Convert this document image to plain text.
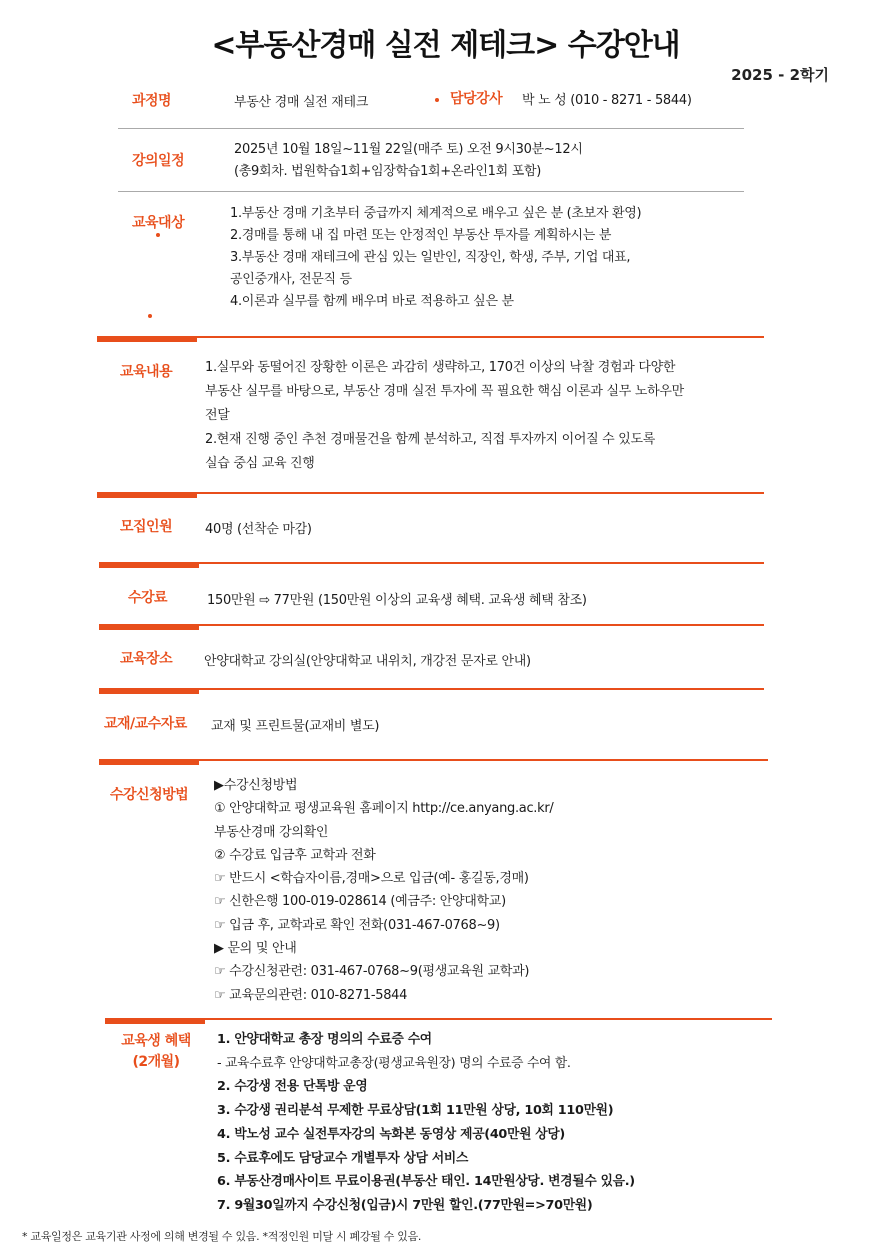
<부동산경매 실전 제테크> 수강안내
2025 - 2학기
과정명	부동산 경매 실전 재테크	담당강사 박 노 성 (010 - 8271 - 5844)
강의일정
2025년 10월 18일~11월 22일(매주 토) 오전 9시30분~12시
(총9회차. 법원학습1회+임장학습1회+온라인1회 포함)
교육대상
1.부동산 경매 기초부터 중급까지 체계적으로 배우고 싶은 분 (초보자 환영)
2.경매를 통해 내 집 마련 또는 안정적인 부동산 투자를 계획하시는 분
3.부동산 경매 재테크에 관심 있는 일반인, 직장인, 학생, 주부, 기업 대표,
공인중개사, 전문직 등
4.이론과 실무를 함께 배우며 바로 적용하고 싶은 분
교육내용	1.실무와 동떨어진 장황한 이론은 과감히 생략하고, 170건 이상의 낙찰 경험과 다양한
부동산 실무를 바탕으로, 부동산 경매 실전 투자에 꼭 필요한 핵심 이론과 실무 노하우만
전달
2.현재 진행 중인 추천 경매물건을 함께 분석하고, 직접 투자까지 이어질 수 있도록
실습 중심 교육 진행
모집인원	40명 (선착순 마감)
수강료	150만원 ⇨ 77만원 (150만원 이상의 교육생 혜택. 교육생 혜택 참조)
교육장소 안양대학교 강의실(안양대학교 내위치, 개강전 문자로 안내)
교재/교수자료 교재 및 프린트물(교재비 별도)
수강신청방법
▶수강신청방법
① 안양대학교 평생교육원 홈페이지 http://ce.anyang.ac.kr/
부동산경매 강의확인
② 수강료 입금후 교학과 전화
☞ 반드시 <학습자이름,경매>으로 입금(예- 홍길동,경매)
☞ 신한은행 100-019-028614 (예금주: 안양대학교)
☞ 입금 후, 교학과로 확인 전화(031-467-0768~9)
▶ 문의 및 안내
☞ 수강신청관련: 031-467-0768~9(평생교육원 교학과)
☞ 교육문의관련: 010-8271-5844
교육생 혜택
(2개월)
1. 안양대학교 총장 명의의 수료증 수여
- 교육수료후 안양대학교총장(평생교육원장) 명의 수료증 수여 함.
2. 수강생 전용 단톡방 운영
3. 수강생 권리분석 무제한 무료상담(1회 11만원 상당, 10회 110만원)
4. 박노성 교수 실전투자강의 녹화본 동영상 제공(40만원 상당)
5. 수료후에도 담당교수 개별투자 상담 서비스
6. 부동산경매사이트 무료이용권(부동산 태인. 14만원상당. 변경될수 있음.)
7. 9월30일까지 수강신청(입금)시 7만원 할인.(77만원=>70만원)
* 교육일정은 교육기관 사정에 의해 변경될 수 있음. *적정인원 미달 시 폐강될 수 있음.
